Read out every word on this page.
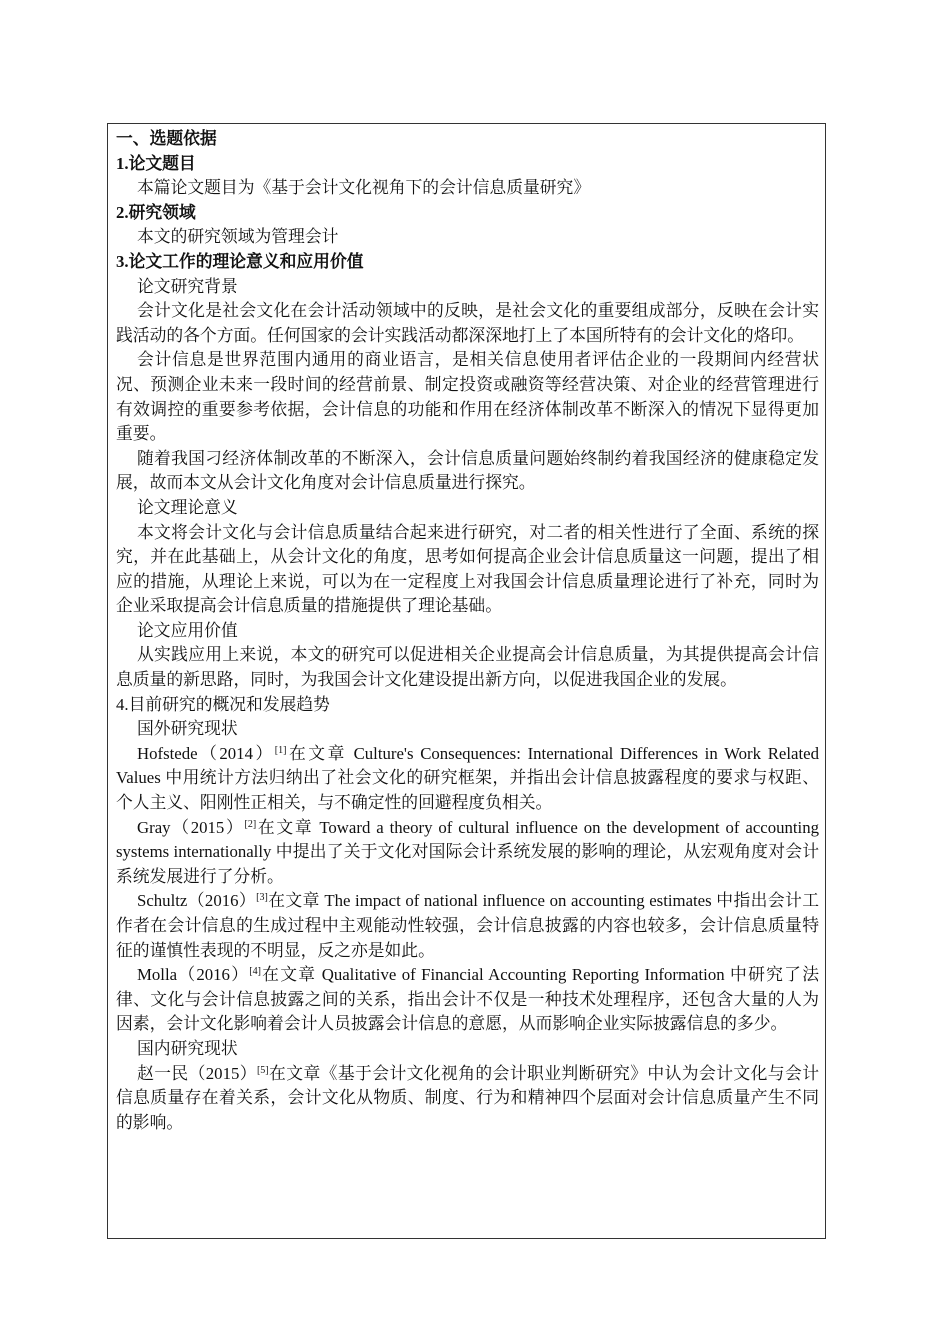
一、选题依据

1.论文题目

本篇论文题目为《基于会计文化视角下的会计信息质量研究》

2.研究领域

本文的研究领域为管理会计

3.论文工作的理论意义和应用价值

论文研究背景

会计文化是社会文化在会计活动领域中的反映，是社会文化的重要组成部分，反映在会计实践活动的各个方面。任何国家的会计实践活动都深深地打上了本国所特有的会计文化的烙印。

会计信息是世界范围内通用的商业语言，是相关信息使用者评估企业的一段期间内经营状况、预测企业未来一段时间的经营前景、制定投资或融资等经营决策、对企业的经营管理进行有效调控的重要参考依据，会计信息的功能和作用在经济体制改革不断深入的情况下显得更加重要。

随着我国刁经济体制改革的不断深入，会计信息质量问题始终制约着我国经济的健康稳定发展，故而本文从会计文化角度对会计信息质量进行探究。

论文理论意义

本文将会计文化与会计信息质量结合起来进行研究，对二者的相关性进行了全面、系统的探究，并在此基础上，从会计文化的角度，思考如何提高企业会计信息质量这一问题，提出了相应的措施，从理论上来说，可以为在一定程度上对我国会计信息质量理论进行了补充，同时为企业采取提高会计信息质量的措施提供了理论基础。

论文应用价值

从实践应用上来说，本文的研究可以促进相关企业提高会计信息质量，为其提供提高会计信息质量的新思路，同时，为我国会计文化建设提出新方向，以促进我国企业的发展。

4.目前研究的概况和发展趋势

国外研究现状

Hofstede（2014）[1]在文章 Culture's Consequences: International Differences in Work Related Values 中用统计方法归纳出了社会文化的研究框架，并指出会计信息披露程度的要求与权距、个人主义、阳刚性正相关，与不确定性的回避程度负相关。

Gray（2015）[2]在文章 Toward a theory of cultural influence on the development of accounting systems internationally 中提出了关于文化对国际会计系统发展的影响的理论，从宏观角度对会计系统发展进行了分析。

Schultz（2016）[3]在文章 The impact of national influence on accounting estimates 中指出会计工作者在会计信息的生成过程中主观能动性较强，会计信息披露的内容也较多，会计信息质量特征的谨慎性表现的不明显，反之亦是如此。

Molla（2016）[4]在文章 Qualitative of Financial Accounting Reporting Information 中研究了法律、文化与会计信息披露之间的关系，指出会计不仅是一种技术处理程序，还包含大量的人为因素，会计文化影响着会计人员披露会计信息的意愿，从而影响企业实际披露信息的多少。

国内研究现状

赵一民（2015）[5]在文章《基于会计文化视角的会计职业判断研究》中认为会计文化与会计信息质量存在着关系，会计文化从物质、制度、行为和精神四个层面对会计信息质量产生不同的影响。
